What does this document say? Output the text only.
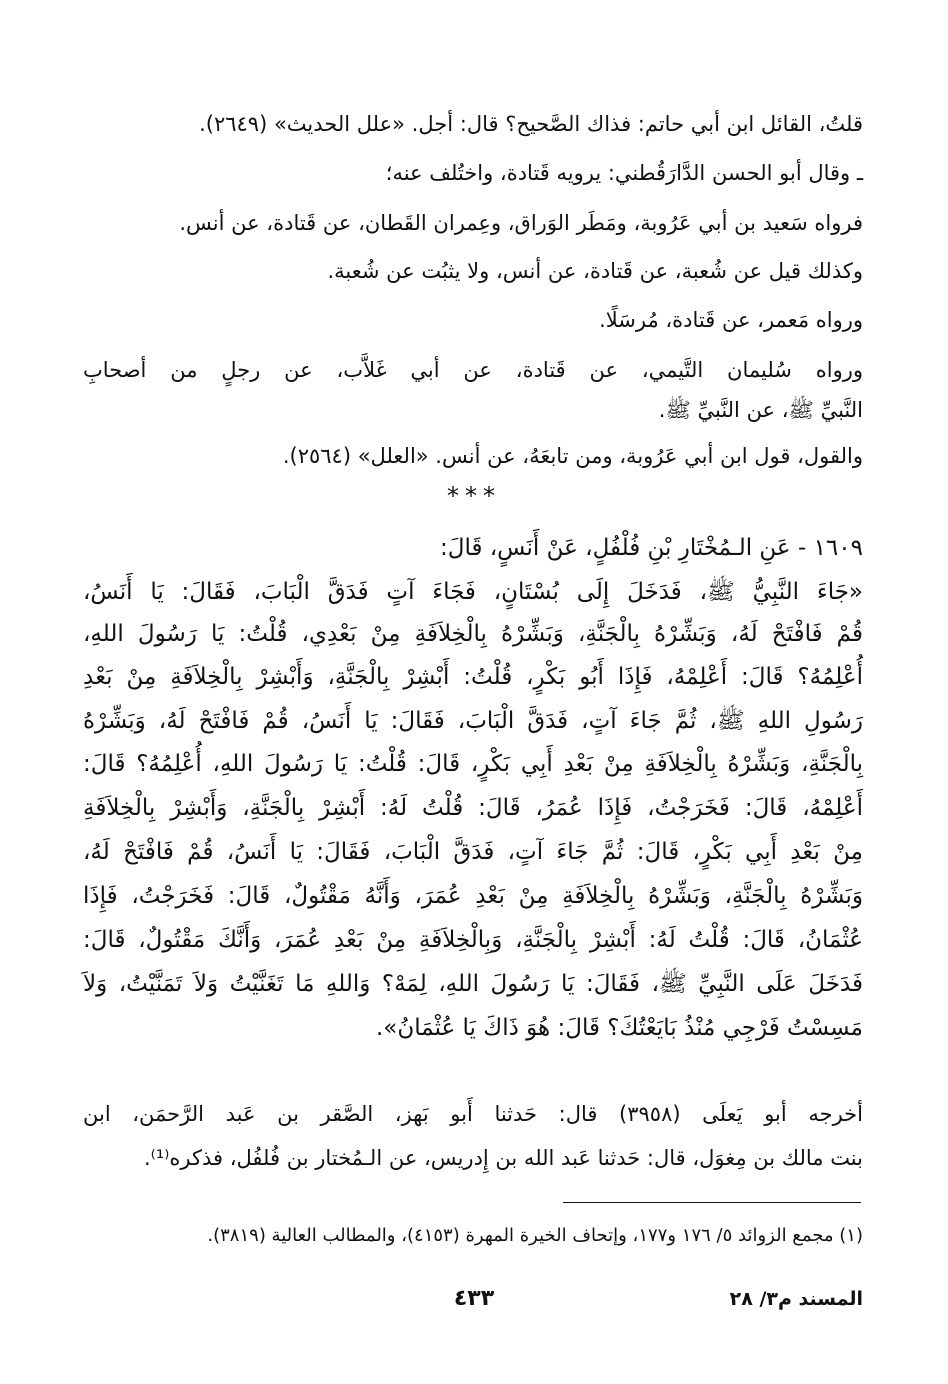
قلتُ، القائل ابن أبي حاتم: فذاك الصَّحيح؟ قال: أجل. «علل الحديث» (٢٦٤٩).
ـ وقال أبو الحسن الدَّارَقُطني: يرويه قَتادة، واختُلف عنه؛
فرواه سَعيد بن أبي عَرُوبة، ومَطَر الوَراق، وعِمران القَطان، عن قَتادة، عن أنس.
وكذلك قيل عن شُعبة، عن قَتادة، عن أنس، ولا يثبُت عن شُعبة.
ورواه مَعمر، عن قَتادة، مُرسَلًا.
ورواه سُليمان التَّيمي، عن قَتادة، عن أبي غَلاَّب، عن رجلٍ من أصحابِ
النَّبيِّ ﷺ، عن النَّبيِّ ﷺ.
والقول، قول ابن أبي عَرُوبة، ومن تابعَهُ، عن أنس. «العلل» (٢٥٦٤).
***
١٦٠٩ - عَنِ الـمُخْتَارِ بْنِ فُلْفُلٍ، عَنْ أَنَسٍ، قَالَ:
«جَاءَ النَّبِيُّ ﷺ، فَدَخَلَ إِلَى بُسْتَانٍ، فَجَاءَ آتٍ فَدَقَّ الْبَابَ، فَقَالَ: يَا أَنَسُ،
قُمْ فَافْتَحْ لَهُ، وَبَشِّرْهُ بِالْجَنَّةِ، وَبَشِّرْهُ بِالْخِلاَفَةِ مِنْ بَعْدِي، قُلْتُ: يَا رَسُولَ اللهِ،
أُعْلِمُهُ؟ قَالَ: أَعْلِمْهُ، فَإِذَا أَبُو بَكْرٍ، قُلْتُ: أَبْشِرْ بِالْجَنَّةِ، وَأَبْشِرْ بِالْخِلاَفَةِ مِنْ بَعْدِ
رَسُولِ اللهِ ﷺ، ثُمَّ جَاءَ آتٍ، فَدَقَّ الْبَابَ، فَقَالَ: يَا أَنَسُ، قُمْ فَافْتَحْ لَهُ، وَبَشِّرْهُ
بِالْجَنَّةِ، وَبَشِّرْهُ بِالْخِلاَفَةِ مِنْ بَعْدِ أَبِي بَكْرٍ، قَالَ: قُلْتُ: يَا رَسُولَ اللهِ، أُعْلِمُهُ؟ قَالَ:
أَعْلِمْهُ، قَالَ: فَخَرَجْتُ، فَإِذَا عُمَرُ، قَالَ: قُلْتُ لَهُ: أَبْشِرْ بِالْجَنَّةِ، وَأَبْشِرْ بِالْخِلاَفَةِ
مِنْ بَعْدِ أَبِي بَكْرٍ، قَالَ: ثُمَّ جَاءَ آتٍ، فَدَقَّ الْبَابَ، فَقَالَ: يَا أَنَسُ، قُمْ فَافْتَحْ لَهُ،
وَبَشِّرْهُ بِالْجَنَّةِ، وَبَشِّرْهُ بِالْخِلاَفَةِ مِنْ بَعْدِ عُمَرَ، وَأَنَّهُ مَقْتُولٌ، قَالَ: فَخَرَجْتُ، فَإِذَا
عُثْمَانُ، قَالَ: قُلْتُ لَهُ: أَبْشِرْ بِالْجَنَّةِ، وَبِالْخِلاَفَةِ مِنْ بَعْدِ عُمَرَ، وَأَنَّكَ مَقْتُولٌ، قَالَ:
فَدَخَلَ عَلَى النَّبِيِّ ﷺ، فَقَالَ: يَا رَسُولَ اللهِ، لِمَهْ؟ وَاللهِ مَا تَغَنَّيْتُ وَلاَ تَمَنَّيْتُ، وَلاَ
مَسِسْتُ فَرْجِي مُنْذُ بَايَعْتُكَ؟ قَالَ: هُوَ ذَاكَ يَا عُثْمَانُ».
أخرجه أبو يَعلَى (٣٩٥٨) قال: حَدثنا أَبو بَهز، الصَّقر بن عَبد الرَّحمَن، ابن
بنت مالك بن مِغوَل، قال: حَدثنا عَبد الله بن إِدريس، عن الـمُختار بن فُلفُل، فذكره⁽¹⁾.
(١) مجمع الزوائد ٥/ ١٧٦ و١٧٧، وإتحاف الخيرة المهرة (٤١٥٣)، والمطالب العالية (٣٨١٩).
المسند م٣/ ٢٨
٤٣٣
